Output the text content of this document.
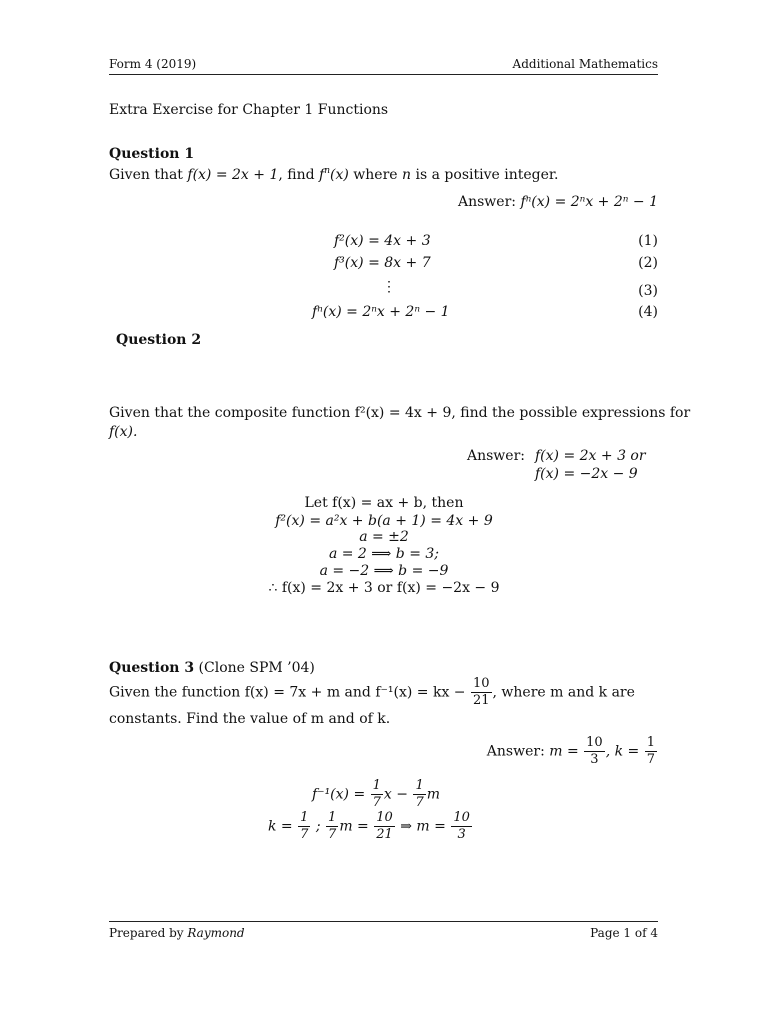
Form 4 (2019)	Additional Mathematics
Extra Exercise for Chapter 1 Functions
Question 1
Given that f(x) = 2x + 1, find $f^n(x)$ where n is a positive integer.
Answer: fⁿ(x) = 2ⁿx + 2ⁿ − 1
f²(x) = 4x + 3	(1)
f³(x) = 8x + 7	(2)
⋮	(3)
fⁿ(x) = 2ⁿx + 2ⁿ − 1	(4)
Question 2
Given that the composite function f²(x) = 4x + 9, find the possible expressions for
f(x).
Answer: f(x) = 2x + 3 or
f(x) = −2x − 9
Let f(x) = ax + b, then
f²(x) = a²x + b(a + 1) = 4x + 9
a = ±2
a = 2 ⟹ b = 3;
a = −2 ⟹ b = −9
∴ f(x) = 2x + 3 or f(x) = −2x − 9
Question 3 (Clone SPM ’04)
Given the function f(x) = 7x + m and f⁻¹(x) = kx − $\frac{10}{21}$ , where m and k are
constants. Find the value of m and of k.
Answer: $m = \frac{10}{3}$ , $k = \frac{1}{7}$
$f^{-1}(x) = \frac{1}{7}$ $x - \frac{1}{7}$ m
$k = \frac{1}{7}$ ; $\frac{1}{7}$ $m = \frac{10}{21}$ ⇒ $m = \frac{10}{3}$
Prepared by Raymond	Page 1 of 4
